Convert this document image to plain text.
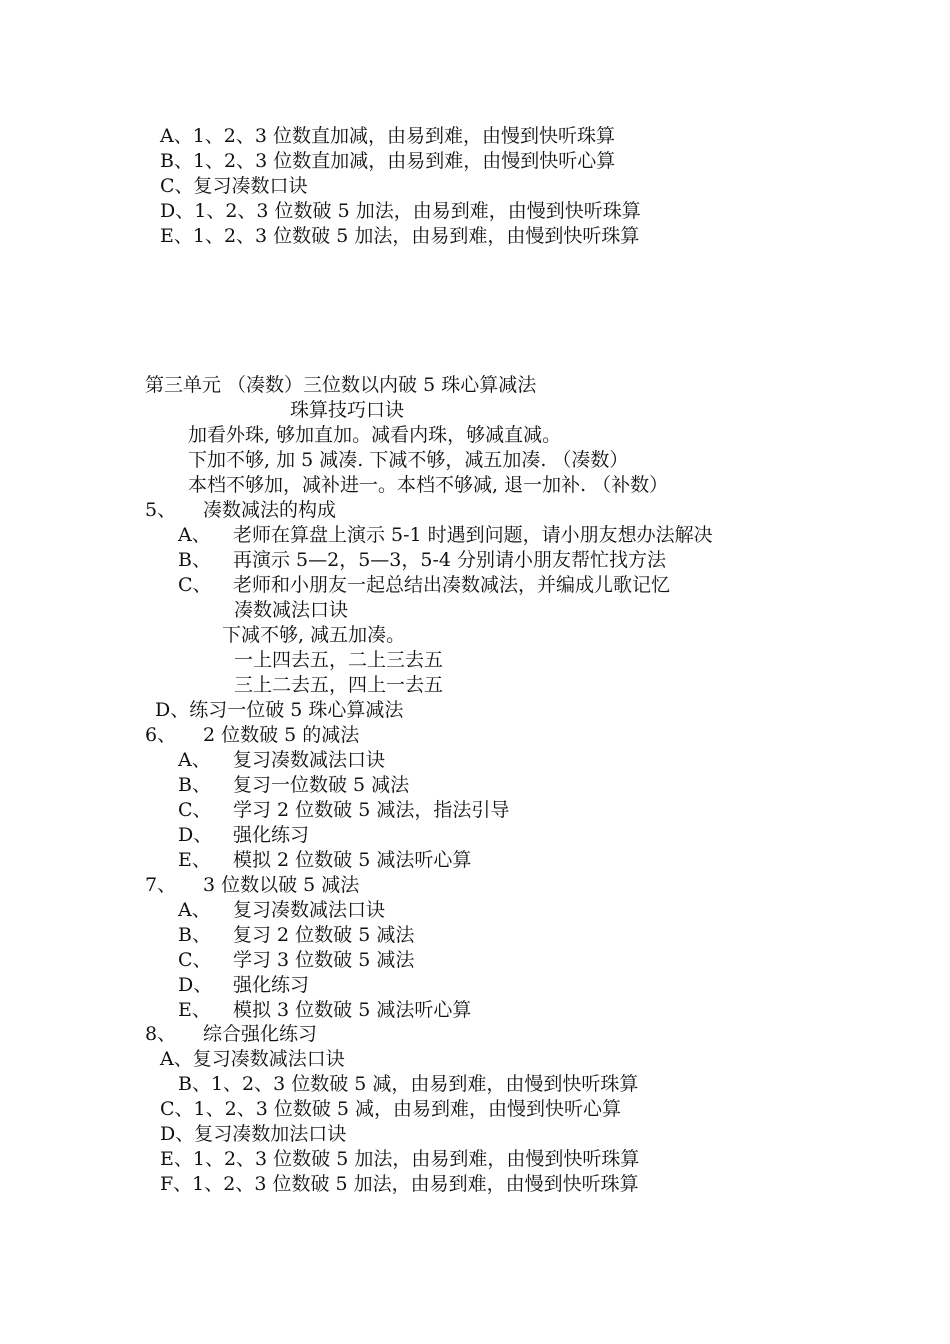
A、1、2、3 位数直加减，由易到难，由慢到快听珠算
B、1、2、3 位数直加减，由易到难，由慢到快听心算
C、复习凑数口诀
D、1、2、3 位数破 5 加法，由易到难，由慢到快听珠算
E、1、2、3 位数破 5 加法，由易到难，由慢到快听珠算
第三单元 （凑数）三位数以内破 5 珠心算减法
珠算技巧口诀
加看外珠, 够加直加。减看内珠，够减直减。
下加不够, 加 5 减凑. 下减不够，减五加凑. （凑数）
本档不够加，减补进一。本档不够减, 退一加补. （补数）
5、 凑数减法的构成
A、 老师在算盘上演示 5-1 时遇到问题，请小朋友想办法解决
B、 再演示 5—2，5—3，5-4 分别请小朋友帮忙找方法
C、 老师和小朋友一起总结出凑数减法，并编成儿歌记忆
凑数减法口诀
下减不够, 减五加凑。
一上四去五，二上三去五
三上二去五，四上一去五
D、练习一位破 5 珠心算减法
6、 2 位数破 5 的减法
A、 复习凑数减法口诀
B、 复习一位数破 5 减法
C、 学习 2 位数破 5 减法，指法引导
D、 强化练习
E、 模拟 2 位数破 5 减法听心算
7、 3 位数以破 5 减法
A、 复习凑数减法口诀
B、 复习 2 位数破 5 减法
C、 学习 3 位数破 5 减法
D、 强化练习
E、 模拟 3 位数破 5 减法听心算
8、 综合强化练习
A、复习凑数减法口诀
B、1、2、3 位数破 5 减，由易到难，由慢到快听珠算
C、1、2、3 位数破 5 减，由易到难，由慢到快听心算
D、复习凑数加法口诀
E、1、2、3 位数破 5 加法，由易到难，由慢到快听珠算
F、1、2、3 位数破 5 加法，由易到难，由慢到快听珠算
